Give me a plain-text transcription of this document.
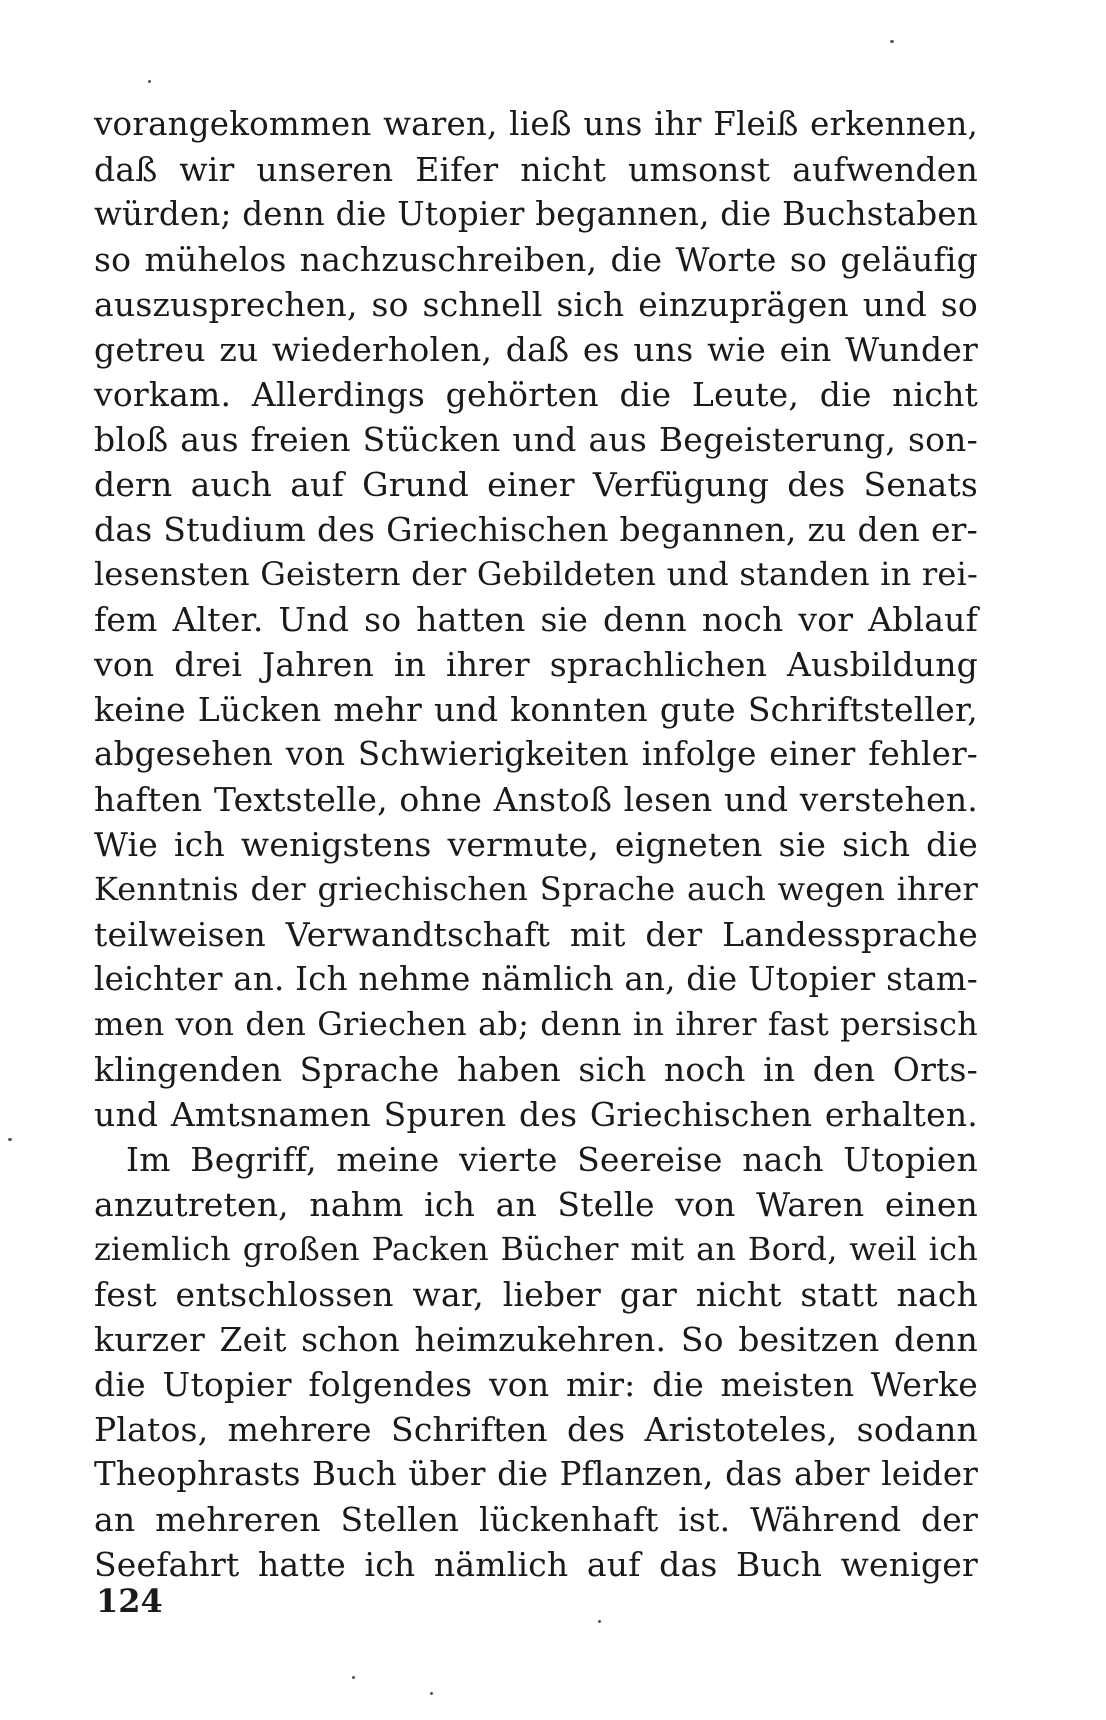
vorangekommen waren, ließ uns ihr Fleiß erkennen,
daß wir unseren Eifer nicht umsonst aufwenden
würden; denn die Utopier begannen, die Buchstaben
so mühelos nachzuschreiben, die Worte so geläufig
auszusprechen, so schnell sich einzuprägen und so
getreu zu wiederholen, daß es uns wie ein Wunder
vorkam. Allerdings gehörten die Leute, die nicht
bloß aus freien Stücken und aus Begeisterung, son-
dern auch auf Grund einer Verfügung des Senats
das Studium des Griechischen begannen, zu den er-
lesensten Geistern der Gebildeten und standen in rei-
fem Alter. Und so hatten sie denn noch vor Ablauf
von drei Jahren in ihrer sprachlichen Ausbildung
keine Lücken mehr und konnten gute Schriftsteller,
abgesehen von Schwierigkeiten infolge einer fehler-
haften Textstelle, ohne Anstoß lesen und verstehen.
Wie ich wenigstens vermute, eigneten sie sich die
Kenntnis der griechischen Sprache auch wegen ihrer
teilweisen Verwandtschaft mit der Landessprache
leichter an. Ich nehme nämlich an, die Utopier stam-
men von den Griechen ab; denn in ihrer fast persisch
klingenden Sprache haben sich noch in den Orts-
und Amtsnamen Spuren des Griechischen erhalten.
Im Begriff, meine vierte Seereise nach Utopien
anzutreten, nahm ich an Stelle von Waren einen
ziemlich großen Packen Bücher mit an Bord, weil ich
fest entschlossen war, lieber gar nicht statt nach
kurzer Zeit schon heimzukehren. So besitzen denn
die Utopier folgendes von mir: die meisten Werke
Platos, mehrere Schriften des Aristoteles, sodann
Theophrasts Buch über die Pflanzen, das aber leider
an mehreren Stellen lückenhaft ist. Während der
Seefahrt hatte ich nämlich auf das Buch weniger
124
